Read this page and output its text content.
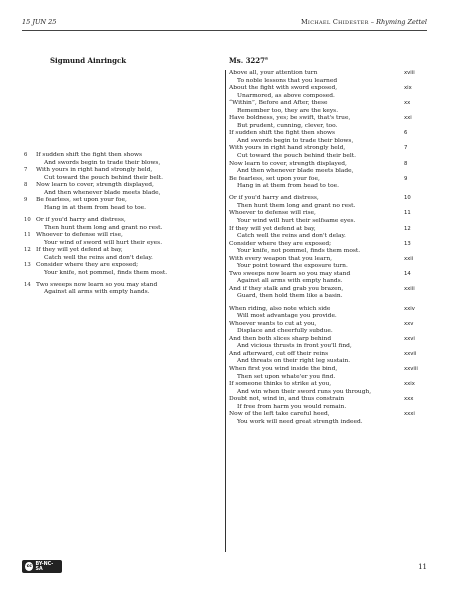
15 JUN 25	Michael Chidester – Rhyming Zettel
Sigmund Ainringck	Ms. 3227$^a$
6	If sudden shift the fight then shows
And swords begin to trade their blows,
7	With yours in right hand strongly held,
Cut toward the pouch behind their belt.
8	Now learn to cover, strength displayed,
And then whenever blade meets blade,
9	Be fearless, set upon your foe,
Hang in at them from head to toe.
10 Or if you'd harry and distress,
Then hunt them long and grant no rest.
11 Whoever to defense will rise,
Your wind of sword will hurt their eyes.
12 If they will yet defend at bay,
Catch well the reins and don't delay.
13 Consider where they are exposed;
Your knife, not pommel, finds them most.
14 Two sweeps now learn so you may stand
Against all arms with empty hands.
xviii
Above all, your attention turn
To noble lessons that you learned
xix
About the fight with sword exposed,
Unarmored, as above composed.
xx
“Within”, Before and After, these
Remember too, they are the keys.
xxi
Have boldness, yes; be swift, that's true,
But prudent, cunning, clever, too.
6
If sudden shift the fight then shows
And swords begin to trade their blows,
7
With yours in right hand strongly held,
Cut toward the pouch behind their belt.
8
Now learn to cover, strength displayed,
And then whenever blade meets blade,
9
Be fearless, set upon your foe,
Hang in at them from head to toe.
10
Or if you'd harry and distress,
Then hunt them long and grant no rest.
11
Whoever to defense will rise,
Your wind will hurt their selfsame eyes.
12
If they will yet defend at bay,
Catch well the reins and don't delay.
13
Consider where they are exposed;
Your knife, not pommel, finds them most.
xxii
With every weapon that you learn,
Your point toward the exposure turn.
14
Two sweeps now learn so you may stand
Against all arms with empty hands.
xxiii
And if they stalk and grab you brazen,
Guard, then hold them like a basin.
xxiv
When riding, also note which side
Will most advantage you provide.
xxv
Whoever wants to cut at you,
Displace and cheerfully subdue.
xxvi
And then both slices sharp behind
And vicious thrusts in front you'll find,
xxvii
And afterward, cut off their reins
And threats on their right leg sustain.
xxviii
When first you wind inside the bind,
Then set upon whate'er you find.
xxix
If someone thinks to strike at you,
And win when their sword runs you through,
xxx
Doubt not, wind in, and thus constrain
If free from harm you would remain.
xxxi
Now of the left take careful heed,
You work will need great strength indeed.
cc BY-NC-SA	11
